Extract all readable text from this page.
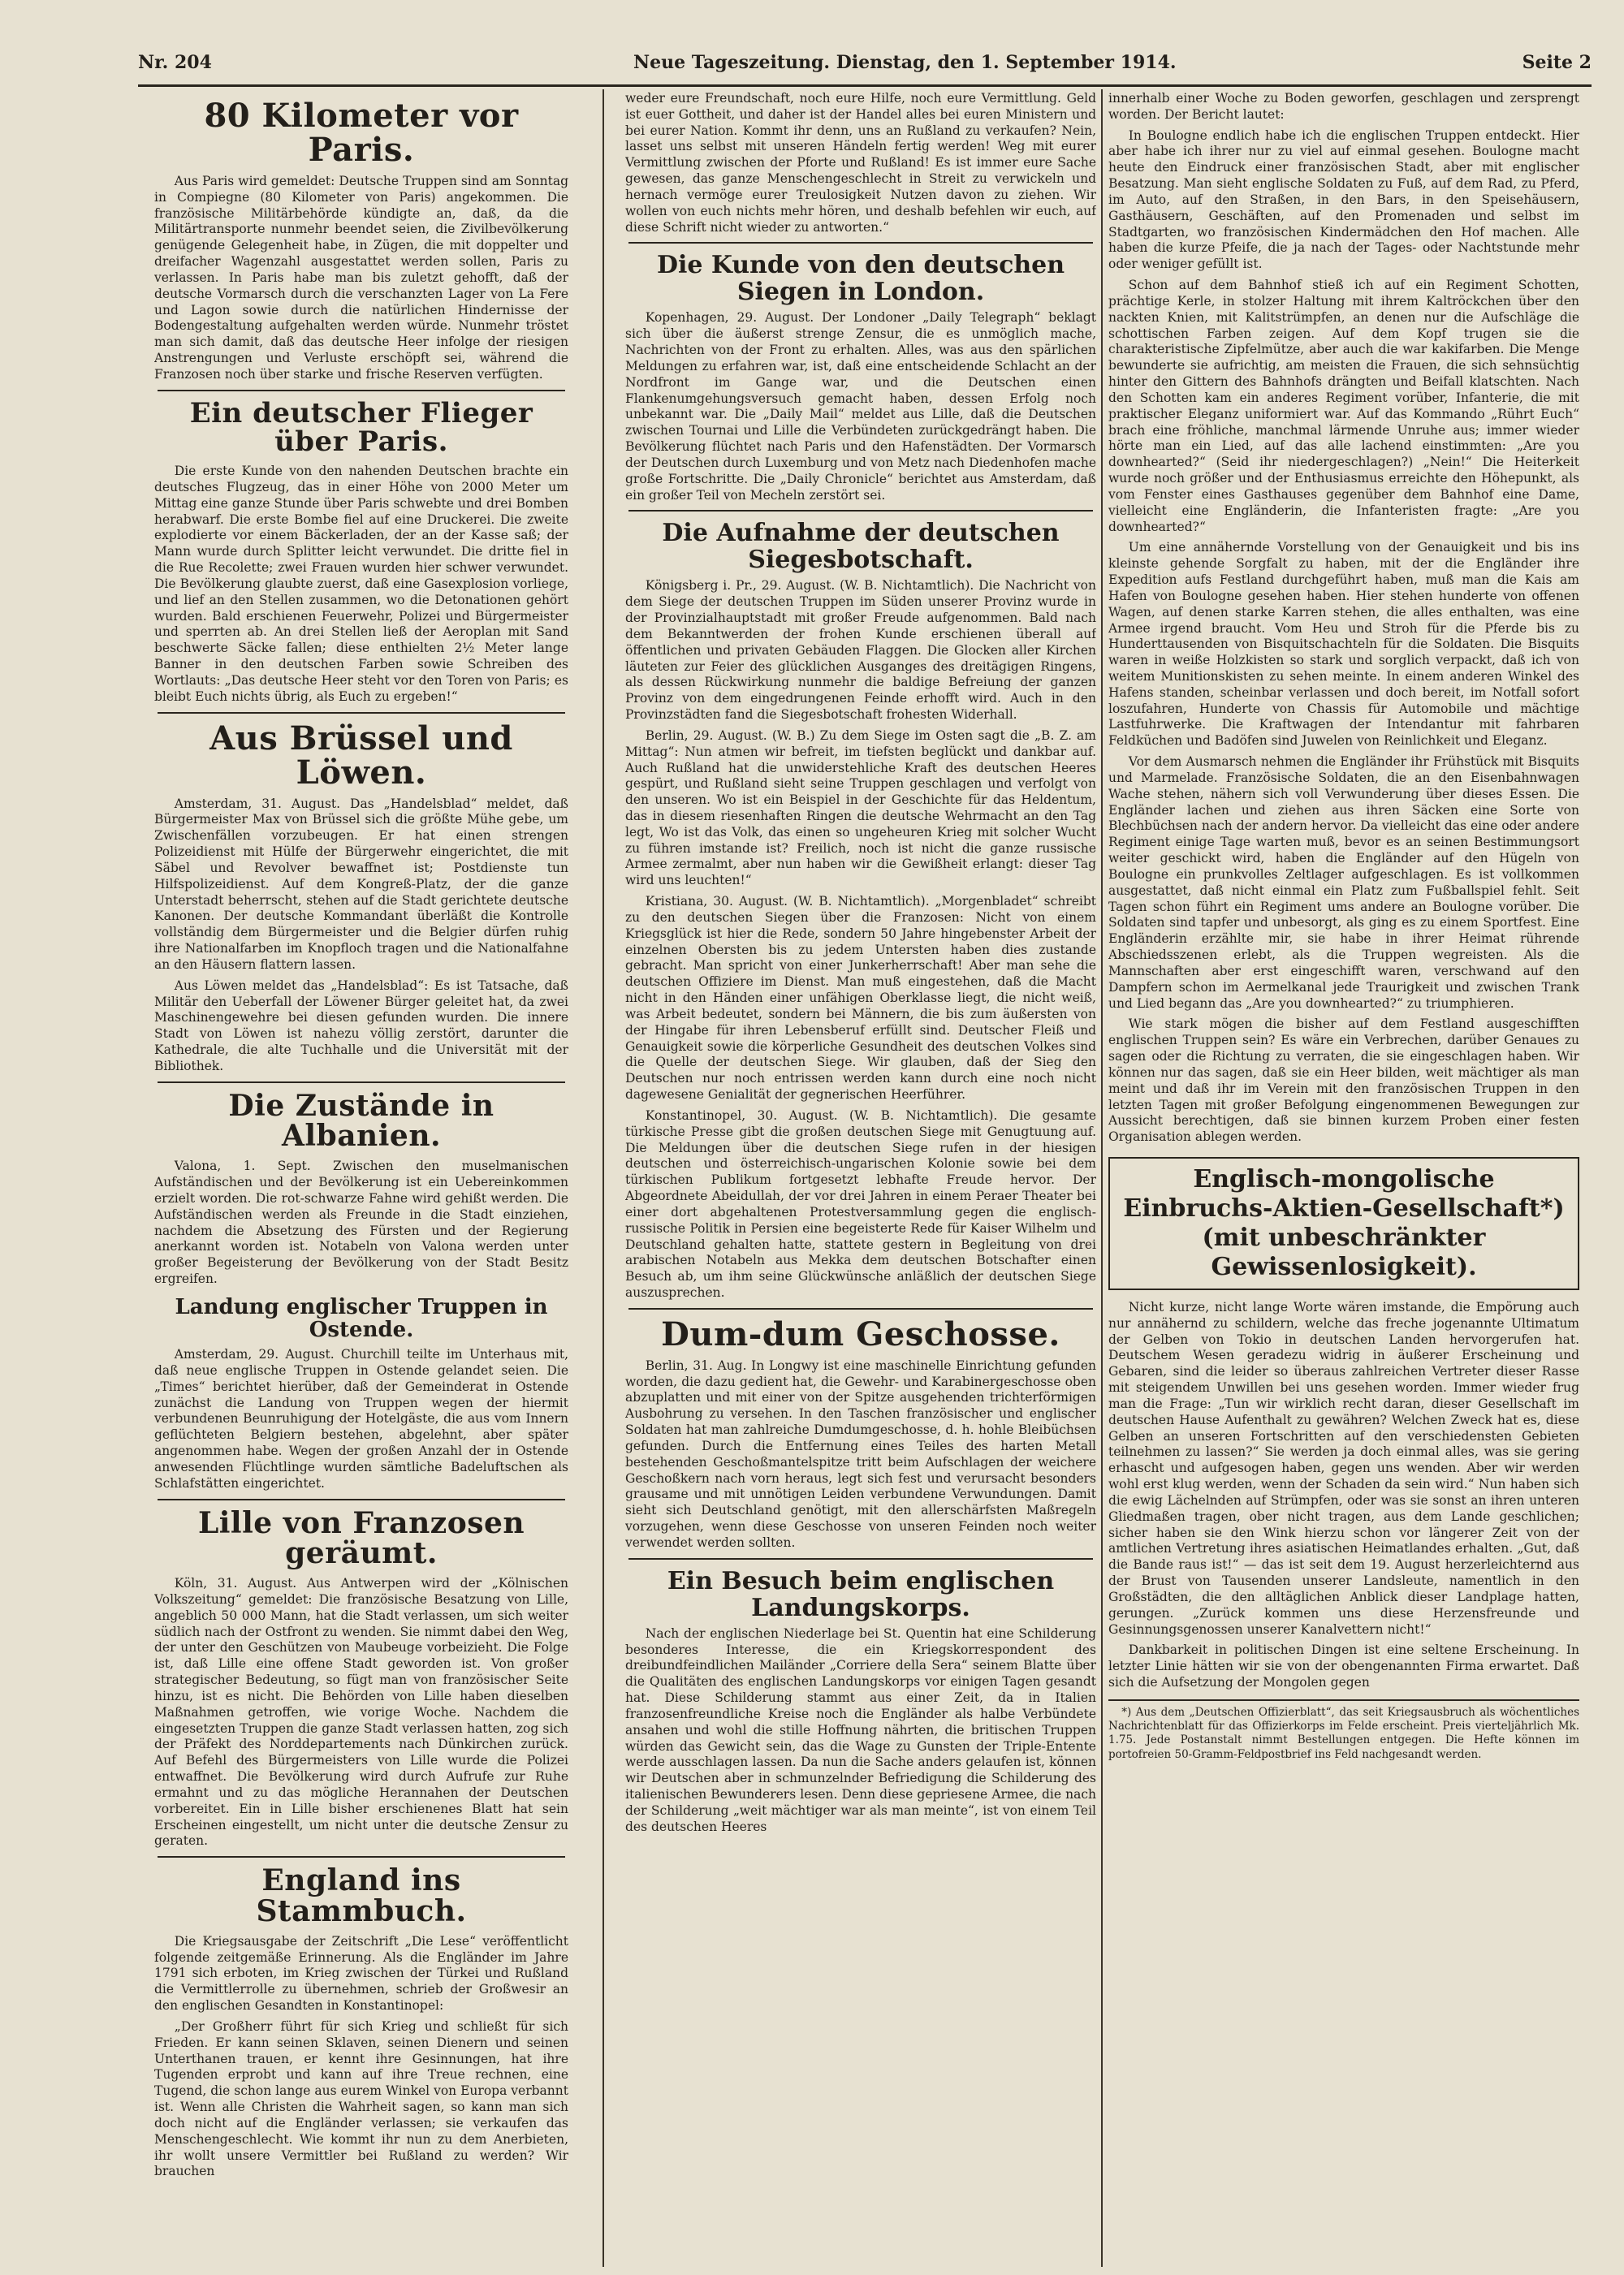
Nr. 204	Neue Tageszeitung. Dienstag, den 1. September 1914.	Seite 2
80 Kilometer vor Paris.

Aus Paris wird gemeldet: Deutsche Truppen sind am Sonntag in Compiegne (80 Kilometer von Paris) angekommen. Die französische Militärbehörde kündigte an, daß, da die Militärtransporte nunmehr beendet seien, die Zivilbevölkerung genügende Gelegenheit habe, in Zügen, die mit doppelter und dreifacher Wagenzahl ausgestattet werden sollen, Paris zu verlassen. In Paris habe man bis zuletzt gehofft, daß der deutsche Vormarsch durch die verschanzten Lager von La Fere und Lagon sowie durch die natürlichen Hindernisse der Bodengestaltung aufgehalten werden würde. Nunmehr tröstet man sich damit, daß das deutsche Heer infolge der riesigen Anstrengungen und Verluste erschöpft sei, während die Franzosen noch über starke und frische Reserven verfügten.

Ein deutscher Flieger über Paris.

Die erste Kunde von den nahenden Deutschen brachte ein deutsches Flugzeug, das in einer Höhe von 2000 Meter um Mittag eine ganze Stunde über Paris schwebte und drei Bomben herabwarf. Die erste Bombe fiel auf eine Druckerei. Die zweite explodierte vor einem Bäckerladen, der an der Kasse saß; der Mann wurde durch Splitter leicht verwundet. Die dritte fiel in die Rue Recolette; zwei Frauen wurden hier schwer verwundet. Die Bevölkerung glaubte zuerst, daß eine Gasexplosion vorliege, und lief an den Stellen zusammen, wo die Detonationen gehört wurden. Bald erschienen Feuerwehr, Polizei und Bürgermeister und sperrten ab. An drei Stellen ließ der Aeroplan mit Sand beschwerte Säcke fallen; diese enthielten 2½ Meter lange Banner in den deutschen Farben sowie Schreiben des Wortlauts: „Das deutsche Heer steht vor den Toren von Paris; es bleibt Euch nichts übrig, als Euch zu ergeben!“

Aus Brüssel und Löwen.

Amsterdam, 31. August. Das „Handelsblad“ meldet, daß Bürgermeister Max von Brüssel sich die größte Mühe gebe, um Zwischenfällen vorzubeugen. Er hat einen strengen Polizeidienst mit Hülfe der Bürgerwehr eingerichtet, die mit Säbel und Revolver bewaffnet ist; Postdienste tun Hilfspolizeidienst. Auf dem Kongreß-Platz, der die ganze Unterstadt beherrscht, stehen auf die Stadt gerichtete deutsche Kanonen. Der deutsche Kommandant überläßt die Kontrolle vollständig dem Bürgermeister und die Belgier dürfen ruhig ihre Nationalfarben im Knopfloch tragen und die Nationalfahne an den Häusern flattern lassen.

Aus Löwen meldet das „Handelsblad“: Es ist Tatsache, daß Militär den Ueberfall der Löwener Bürger geleitet hat, da zwei Maschinengewehre bei diesen gefunden wurden. Die innere Stadt von Löwen ist nahezu völlig zerstört, darunter die Kathedrale, die alte Tuchhalle und die Universität mit der Bibliothek.

Die Zustände in Albanien.

Valona, 1. Sept. Zwischen den muselmanischen Aufständischen und der Bevölkerung ist ein Uebereinkommen erzielt worden. Die rot-schwarze Fahne wird gehißt werden. Die Aufständischen werden als Freunde in die Stadt einziehen, nachdem die Absetzung des Fürsten und der Regierung anerkannt worden ist. Notabeln von Valona werden unter großer Begeisterung der Bevölkerung von der Stadt Besitz ergreifen.

Landung englischer Truppen in Ostende.

Amsterdam, 29. August. Churchill teilte im Unterhaus mit, daß neue englische Truppen in Ostende gelandet seien. Die „Times“ berichtet hierüber, daß der Gemeinderat in Ostende zunächst die Landung von Truppen wegen der hiermit verbundenen Beunruhigung der Hotelgäste, die aus vom Innern geflüchteten Belgiern bestehen, abgelehnt, aber später angenommen habe. Wegen der großen Anzahl der in Ostende anwesenden Flüchtlinge wurden sämtliche Badeluftschen als Schlafstätten eingerichtet.

Lille von Franzosen geräumt.

Köln, 31. August. Aus Antwerpen wird der „Kölnischen Volkszeitung“ gemeldet: Die französische Besatzung von Lille, angeblich 50 000 Mann, hat die Stadt verlassen, um sich weiter südlich nach der Ostfront zu wenden. Sie nimmt dabei den Weg, der unter den Geschützen von Maubeuge vorbeizieht. Die Folge ist, daß Lille eine offene Stadt geworden ist. Von großer strategischer Bedeutung, so fügt man von französischer Seite hinzu, ist es nicht. Die Behörden von Lille haben dieselben Maßnahmen getroffen, wie vorige Woche. Nachdem die eingesetzten Truppen die ganze Stadt verlassen hatten, zog sich der Präfekt des Norddepartements nach Dünkirchen zurück. Auf Befehl des Bürgermeisters von Lille wurde die Polizei entwaffnet. Die Bevölkerung wird durch Aufrufe zur Ruhe ermahnt und zu das mögliche Herannahen der Deutschen vorbereitet. Ein in Lille bisher erschienenes Blatt hat sein Erscheinen eingestellt, um nicht unter die deutsche Zensur zu geraten.

England ins Stammbuch.

Die Kriegsausgabe der Zeitschrift „Die Lese“ veröffentlicht folgende zeitgemäße Erinnerung. Als die Engländer im Jahre 1791 sich erboten, im Krieg zwischen der Türkei und Rußland die Vermittlerrolle zu übernehmen, schrieb der Großwesir an den englischen Gesandten in Konstantinopel:

„Der Großherr führt für sich Krieg und schließt für sich Frieden. Er kann seinen Sklaven, seinen Dienern und seinen Unterthanen trauen, er kennt ihre Gesinnungen, hat ihre Tugenden erprobt und kann auf ihre Treue rechnen, eine Tugend, die schon lange aus eurem Winkel von Europa verbannt ist. Wenn alle Christen die Wahrheit sagen, so kann man sich doch nicht auf die Engländer verlassen; sie verkaufen das Menschengeschlecht. Wie kommt ihr nun zu dem Anerbieten, ihr wollt unsere Vermittler bei Rußland zu werden? Wir brauchen

weder eure Freundschaft, noch eure Hilfe, noch eure Vermittlung. Geld ist euer Gottheit, und daher ist der Handel alles bei euren Ministern und bei eurer Nation. Kommt ihr denn, uns an Rußland zu verkaufen? Nein, lasset uns selbst mit unseren Händeln fertig werden! Weg mit eurer Vermittlung zwischen der Pforte und Rußland! Es ist immer eure Sache gewesen, das ganze Menschengeschlecht in Streit zu verwickeln und hernach vermöge eurer Treulosigkeit Nutzen davon zu ziehen. Wir wollen von euch nichts mehr hören, und deshalb befehlen wir euch, auf diese Schrift nicht wieder zu antworten.“

Die Kunde von den deutschen Siegen in London.

Kopenhagen, 29. August. Der Londoner „Daily Telegraph“ beklagt sich über die äußerst strenge Zensur, die es unmöglich mache, Nachrichten von der Front zu erhalten. Alles, was aus den spärlichen Meldungen zu erfahren war, ist, daß eine entscheidende Schlacht an der Nordfront im Gange war, und die Deutschen einen Flankenumgehungsversuch gemacht haben, dessen Erfolg noch unbekannt war. Die „Daily Mail“ meldet aus Lille, daß die Deutschen zwischen Tournai und Lille die Verbündeten zurückgedrängt haben. Die Bevölkerung flüchtet nach Paris und den Hafenstädten. Der Vormarsch der Deutschen durch Luxemburg und von Metz nach Diedenhofen mache große Fortschritte. Die „Daily Chronicle“ berichtet aus Amsterdam, daß ein großer Teil von Mecheln zerstört sei.

Die Aufnahme der deutschen Siegesbotschaft.

Königsberg i. Pr., 29. August. (W. B. Nichtamtlich). Die Nachricht von dem Siege der deutschen Truppen im Süden unserer Provinz wurde in der Provinzialhauptstadt mit großer Freude aufgenommen. Bald nach dem Bekanntwerden der frohen Kunde erschienen überall auf öffentlichen und privaten Gebäuden Flaggen. Die Glocken aller Kirchen läuteten zur Feier des glücklichen Ausganges des dreitägigen Ringens, als dessen Rückwirkung nunmehr die baldige Befreiung der ganzen Provinz von dem eingedrungenen Feinde erhofft wird. Auch in den Provinzstädten fand die Siegesbotschaft frohesten Widerhall.

Berlin, 29. August. (W. B.) Zu dem Siege im Osten sagt die „B. Z. am Mittag“: Nun atmen wir befreit, im tiefsten beglückt und dankbar auf. Auch Rußland hat die unwiderstehliche Kraft des deutschen Heeres gespürt, und Rußland sieht seine Truppen geschlagen und verfolgt von den unseren. Wo ist ein Beispiel in der Geschichte für das Heldentum, das in diesem riesenhaften Ringen die deutsche Wehrmacht an den Tag legt, Wo ist das Volk, das einen so ungeheuren Krieg mit solcher Wucht zu führen imstande ist? Freilich, noch ist nicht die ganze russische Armee zermalmt, aber nun haben wir die Gewißheit erlangt: dieser Tag wird uns leuchten!“

Kristiana, 30. August. (W. B. Nichtamtlich). „Morgenbladet“ schreibt zu den deutschen Siegen über die Franzosen: Nicht von einem Kriegsglück ist hier die Rede, sondern 50 Jahre hingebenster Arbeit der einzelnen Obersten bis zu jedem Untersten haben dies zustande gebracht. Man spricht von einer Junkerherrschaft! Aber man sehe die deutschen Offiziere im Dienst. Man muß eingestehen, daß die Macht nicht in den Händen einer unfähigen Oberklasse liegt, die nicht weiß, was Arbeit bedeutet, sondern bei Männern, die bis zum äußersten von der Hingabe für ihren Lebensberuf erfüllt sind. Deutscher Fleiß und Genauigkeit sowie die körperliche Gesundheit des deutschen Volkes sind die Quelle der deutschen Siege. Wir glauben, daß der Sieg den Deutschen nur noch entrissen werden kann durch eine noch nicht dagewesene Genialität der gegnerischen Heerführer.

Konstantinopel, 30. August. (W. B. Nichtamtlich). Die gesamte türkische Presse gibt die großen deutschen Siege mit Genugtuung auf. Die Meldungen über die deutschen Siege rufen in der hiesigen deutschen und österreichisch-ungarischen Kolonie sowie bei dem türkischen Publikum fortgesetzt lebhafte Freude hervor. Der Abgeordnete Abeidullah, der vor drei Jahren in einem Peraer Theater bei einer dort abgehaltenen Protestversammlung gegen die englisch-russische Politik in Persien eine begeisterte Rede für Kaiser Wilhelm und Deutschland gehalten hatte, stattete gestern in Begleitung von drei arabischen Notabeln aus Mekka dem deutschen Botschafter einen Besuch ab, um ihm seine Glückwünsche anläßlich der deutschen Siege auszusprechen.

Dum-dum Geschosse.

Berlin, 31. Aug. In Longwy ist eine maschinelle Einrichtung gefunden worden, die dazu gedient hat, die Gewehr- und Karabinergeschosse oben abzuplatten und mit einer von der Spitze ausgehenden trichterförmigen Ausbohrung zu versehen. In den Taschen französischer und englischer Soldaten hat man zahlreiche Dumdumgeschosse, d. h. hohle Bleibüchsen gefunden. Durch die Entfernung eines Teiles des harten Metall bestehenden Geschoßmantelspitze tritt beim Aufschlagen der weichere Geschoßkern nach vorn heraus, legt sich fest und verursacht besonders grausame und mit unnötigen Leiden verbundene Verwundungen. Damit sieht sich Deutschland genötigt, mit den allerschärfsten Maßregeln vorzugehen, wenn diese Geschosse von unseren Feinden noch weiter verwendet werden sollten.

Ein Besuch beim englischen Landungskorps.

Nach der englischen Niederlage bei St. Quentin hat eine Schilderung besonderes Interesse, die ein Kriegskorrespondent des dreibundfeindlichen Mailänder „Corriere della Sera“ seinem Blatte über die Qualitäten des englischen Landungskorps vor einigen Tagen gesandt hat. Diese Schilderung stammt aus einer Zeit, da in Italien franzosenfreundliche Kreise noch die Engländer als halbe Verbündete ansahen und wohl die stille Hoffnung nährten, die britischen Truppen würden das Gewicht sein, das die Wage zu Gunsten der Triple-Entente werde ausschlagen lassen. Da nun die Sache anders gelaufen ist, können wir Deutschen aber in schmunzelnder Befriedigung die Schilderung des italienischen Bewunderers lesen. Denn diese gepriesene Armee, die nach der Schilderung „weit mächtiger war als man meinte“, ist von einem Teil des deutschen Heeres

innerhalb einer Woche zu Boden geworfen, geschlagen und zersprengt worden. Der Bericht lautet:

In Boulogne endlich habe ich die englischen Truppen entdeckt. Hier aber habe ich ihrer nur zu viel auf einmal gesehen. Boulogne macht heute den Eindruck einer französischen Stadt, aber mit englischer Besatzung. Man sieht englische Soldaten zu Fuß, auf dem Rad, zu Pferd, im Auto, auf den Straßen, in den Bars, in den Speisehäusern, Gasthäusern, Geschäften, auf den Promenaden und selbst im Stadtgarten, wo französischen Kindermädchen den Hof machen. Alle haben die kurze Pfeife, die ja nach der Tages- oder Nachtstunde mehr oder weniger gefüllt ist.

Schon auf dem Bahnhof stieß ich auf ein Regiment Schotten, prächtige Kerle, in stolzer Haltung mit ihrem Kaltröckchen über den nackten Knien, mit Kalitstrümpfen, an denen nur die Aufschläge die schottischen Farben zeigen. Auf dem Kopf trugen sie die charakteristische Zipfelmütze, aber auch die war kakifarben. Die Menge bewunderte sie aufrichtig, am meisten die Frauen, die sich sehnsüchtig hinter den Gittern des Bahnhofs drängten und Beifall klatschten. Nach den Schotten kam ein anderes Regiment vorüber, Infanterie, die mit praktischer Eleganz uniformiert war. Auf das Kommando „Rührt Euch“ brach eine fröhliche, manchmal lärmende Unruhe aus; immer wieder hörte man ein Lied, auf das alle lachend einstimmten: „Are you downhearted?“ (Seid ihr niedergeschlagen?) „Nein!“ Die Heiterkeit wurde noch größer und der Enthusiasmus erreichte den Höhepunkt, als vom Fenster eines Gasthauses gegenüber dem Bahnhof eine Dame, vielleicht eine Engländerin, die Infanteristen fragte: „Are you downhearted?“

Um eine annähernde Vorstellung von der Genauigkeit und bis ins kleinste gehende Sorgfalt zu haben, mit der die Engländer ihre Expedition aufs Festland durchgeführt haben, muß man die Kais am Hafen von Boulogne gesehen haben. Hier stehen hunderte von offenen Wagen, auf denen starke Karren stehen, die alles enthalten, was eine Armee irgend braucht. Vom Heu und Stroh für die Pferde bis zu Hunderttausenden von Bisquitschachteln für die Soldaten. Die Bisquits waren in weiße Holzkisten so stark und sorglich verpackt, daß ich von weitem Munitionskisten zu sehen meinte. In einem anderen Winkel des Hafens standen, scheinbar verlassen und doch bereit, im Notfall sofort loszufahren, Hunderte von Chassis für Automobile und mächtige Lastfuhrwerke. Die Kraftwagen der Intendantur mit fahrbaren Feldküchen und Badöfen sind Juwelen von Reinlichkeit und Eleganz.

Vor dem Ausmarsch nehmen die Engländer ihr Frühstück mit Bisquits und Marmelade. Französische Soldaten, die an den Eisenbahnwagen Wache stehen, nähern sich voll Verwunderung über dieses Essen. Die Engländer lachen und ziehen aus ihren Säcken eine Sorte von Blechbüchsen nach der andern hervor. Da vielleicht das eine oder andere Regiment einige Tage warten muß, bevor es an seinen Bestimmungsort weiter geschickt wird, haben die Engländer auf den Hügeln von Boulogne ein prunkvolles Zeltlager aufgeschlagen. Es ist vollkommen ausgestattet, daß nicht einmal ein Platz zum Fußballspiel fehlt. Seit Tagen schon führt ein Regiment ums andere an Boulogne vorüber. Die Soldaten sind tapfer und unbesorgt, als ging es zu einem Sportfest. Eine Engländerin erzählte mir, sie habe in ihrer Heimat rührende Abschiedsszenen erlebt, als die Truppen wegreisten. Als die Mannschaften aber erst eingeschifft waren, verschwand auf den Dampfern schon im Aermelkanal jede Traurigkeit und zwischen Trank und Lied begann das „Are you downhearted?“ zu triumphieren.

Wie stark mögen die bisher auf dem Festland ausgeschifften englischen Truppen sein? Es wäre ein Verbrechen, darüber Genaues zu sagen oder die Richtung zu verraten, die sie eingeschlagen haben. Wir können nur das sagen, daß sie ein Heer bilden, weit mächtiger als man meint und daß ihr im Verein mit den französischen Truppen in den letzten Tagen mit großer Befolgung eingenommenen Bewegungen zur Aussicht berechtigen, daß sie binnen kurzem Proben einer festen Organisation ablegen werden.

Englisch-mongolische Einbruchs-Aktien-Gesellschaft*) (mit unbeschränkter Gewissenlosigkeit).

Nicht kurze, nicht lange Worte wären imstande, die Empörung auch nur annähernd zu schildern, welche das freche jogenannte Ultimatum der Gelben von Tokio in deutschen Landen hervorgerufen hat. Deutschem Wesen geradezu widrig in äußerer Erscheinung und Gebaren, sind die leider so überaus zahlreichen Vertreter dieser Rasse mit steigendem Unwillen bei uns gesehen worden. Immer wieder frug man die Frage: „Tun wir wirklich recht daran, dieser Gesellschaft im deutschen Hause Aufenthalt zu gewähren? Welchen Zweck hat es, diese Gelben an unseren Fortschritten auf den verschiedensten Gebieten teilnehmen zu lassen?“ Sie werden ja doch einmal alles, was sie gering erhascht und aufgesogen haben, gegen uns wenden. Aber wir werden wohl erst klug werden, wenn der Schaden da sein wird.“ Nun haben sich die ewig Lächelnden auf Strümpfen, oder was sie sonst an ihren unteren Gliedmaßen tragen, ober nicht tragen, aus dem Lande geschlichen; sicher haben sie den Wink hierzu schon vor längerer Zeit von der amtlichen Vertretung ihres asiatischen Heimatlandes erhalten. „Gut, daß die Bande raus ist!“ — das ist seit dem 19. August herzerleichternd aus der Brust von Tausenden unserer Landsleute, namentlich in den Großstädten, die den alltäglichen Anblick dieser Landplage hatten, gerungen. „Zurück kommen uns diese Herzensfreunde und Gesinnungsgenossen unserer Kanalvettern nicht!“

Dankbarkeit in politischen Dingen ist eine seltene Erscheinung. In letzter Linie hätten wir sie von der obengenannten Firma erwartet. Daß sich die Aufsetzung der Mongolen gegen

*) Aus dem „Deutschen Offizierblatt“, das seit Kriegsausbruch als wöchentliches Nachrichtenblatt für das Offizierkorps im Felde erscheint. Preis vierteljährlich Mk. 1.75. Jede Postanstalt nimmt Bestellungen entgegen. Die Hefte können im portofreien 50-Gramm-Feldpostbrief ins Feld nachgesandt werden.
